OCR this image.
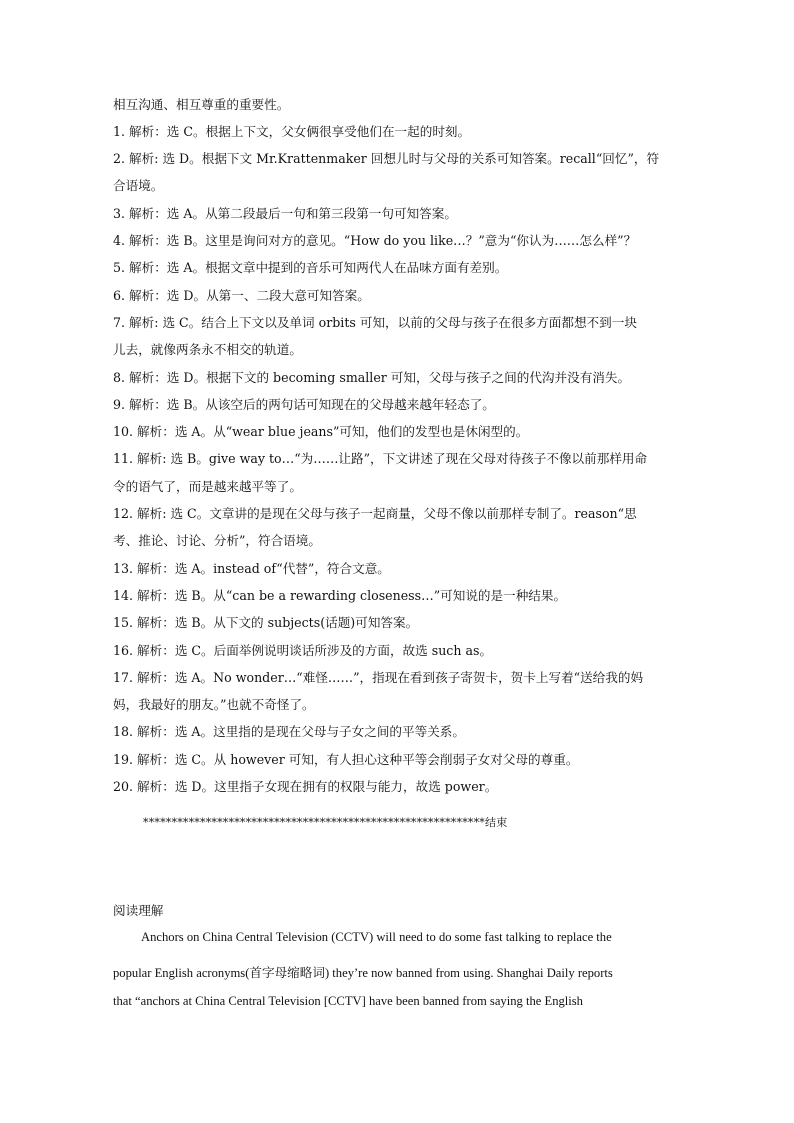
相互沟通、相互尊重的重要性。
1. 解析：选 C。根据上下文，父女俩很享受他们在一起的时刻。
2. 解析: 选 D。根据下文 Mr.Krattenmaker 回想儿时与父母的关系可知答案。recall“回忆”，符
合语境。
3. 解析：选 A。从第二段最后一句和第三段第一句可知答案。
4. 解析：选 B。这里是询问对方的意见。“How do you like…？”意为“你认为……怎么样”？
5. 解析：选 A。根据文章中提到的音乐可知两代人在品味方面有差别。
6. 解析：选 D。从第一、二段大意可知答案。
7. 解析: 选 C。结合上下文以及单词 orbits 可知，以前的父母与孩子在很多方面都想不到一块
儿去，就像两条永不相交的轨道。
8. 解析：选 D。根据下文的 becoming smaller 可知，父母与孩子之间的代沟并没有消失。
9. 解析：选 B。从该空后的两句话可知现在的父母越来越年轻态了。
10. 解析：选 A。从“wear blue jeans”可知，他们的发型也是休闲型的。
11. 解析: 选 B。give way to…“为……让路”，下文讲述了现在父母对待孩子不像以前那样用命
令的语气了，而是越来越平等了。
12. 解析: 选 C。文章讲的是现在父母与孩子一起商量，父母不像以前那样专制了。reason“思
考、推论、讨论、分析”，符合语境。
13. 解析：选 A。instead of“代替”，符合文意。
14. 解析：选 B。从“can be a rewarding closeness…”可知说的是一种结果。
15. 解析：选 B。从下文的 subjects(话题)可知答案。
16. 解析：选 C。后面举例说明谈话所涉及的方面，故选 such as。
17. 解析：选 A。No wonder…“难怪……”，指现在看到孩子寄贺卡，贺卡上写着“送给我的妈
妈，我最好的朋友。”也就不奇怪了。
18. 解析：选 A。这里指的是现在父母与子女之间的平等关系。
19. 解析：选 C。从 however 可知，有人担心这种平等会削弱子女对父母的尊重。
20. 解析：选 D。这里指子女现在拥有的权限与能力，故选 power。
************************************************************结束
阅读理解
Anchors on China Central Television (CCTV) will need to do some fast talking to replace the
popular English acronyms(首字母缩略词) they’re now banned from using. Shanghai Daily reports
that “anchors at China Central Television [CCTV] have been banned from saying the English
